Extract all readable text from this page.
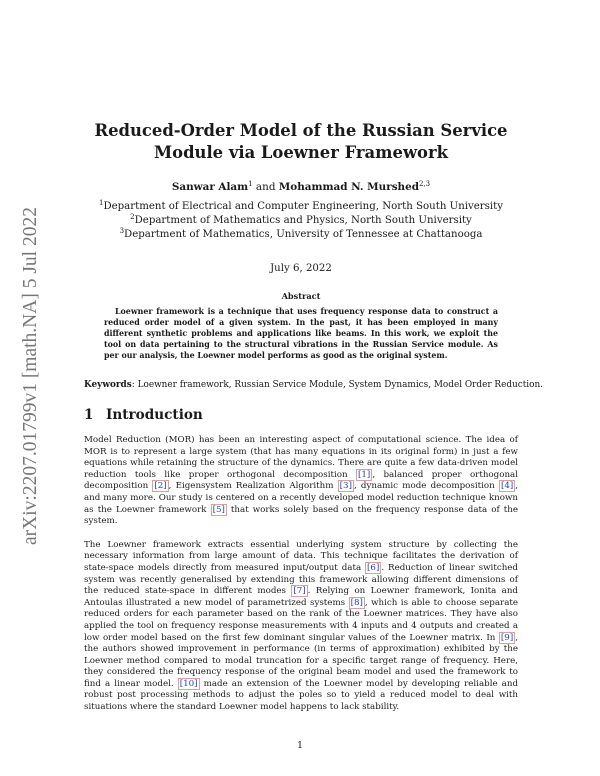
arXiv:2207.01799v1 [math.NA] 5 Jul 2022
Reduced-Order Model of the Russian Service
Module via Loewner Framework
Sanwar Alam$^1$ and Mohammad N. Murshed$^{2,3}$
$^1$Department of Electrical and Computer Engineering, North South University
$^2$Department of Mathematics and Physics, North South University
$^3$Department of Mathematics, University of Tennessee at Chattanooga
July 6, 2022
Abstract
Loewner framework is a technique that uses frequency response data to construct a reduced order model of a given system. In the past, it has been employed in many different synthetic problems and applications like beams. In this work, we exploit the tool on data pertaining to the structural vibrations in the Russian Service module. As per our analysis, the Loewner model performs as good as the original system.
Keywords: Loewner framework, Russian Service Module, System Dynamics, Model Order Reduction.
1 Introduction

Model Reduction (MOR) has been an interesting aspect of computational science. The idea of MOR is to represent a large system (that has many equations in its original form) in just a few equations while retaining the structure of the dynamics. There are quite a few data-driven model reduction tools like proper orthogonal decomposition [1] , balanced proper orthogonal decomposition [2] , Eigensystem Realization Algorithm [3] , dynamic mode decomposition [4] , and many more. Our study is centered on a recently developed model reduction technique known as the Loewner framework [5] that works solely based on the frequency response data of the system.

The Loewner framework extracts essential underlying system structure by collecting the necessary information from large amount of data. This technique facilitates the derivation of state-space models directly from measured input/output data [6] . Reduction of linear switched system was recently generalised by extending this framework allowing different dimensions of the reduced state-space in different modes [7] . Relying on Loewner framework, Ionita and Antoulas illustrated a new model of parametrized systems [8] , which is able to choose separate reduced orders for each parameter based on the rank of the Loewner matrices. They have also applied the tool on frequency response measurements with 4 inputs and 4 outputs and created a low order model based on the first few dominant singular values of the Loewner matrix. In [9] , the authors showed improvement in performance (in terms of approximation) exhibited by the Loewner method compared to modal truncation for a specific target range of frequency. Here, they considered the frequency response of the original beam model and used the framework to find a linear model. [10] made an extension of the Loewner model by developing reliable and robust post processing methods to adjust the poles so to yield a reduced model to deal with situations where the standard Loewner model happens to lack stability.

1
